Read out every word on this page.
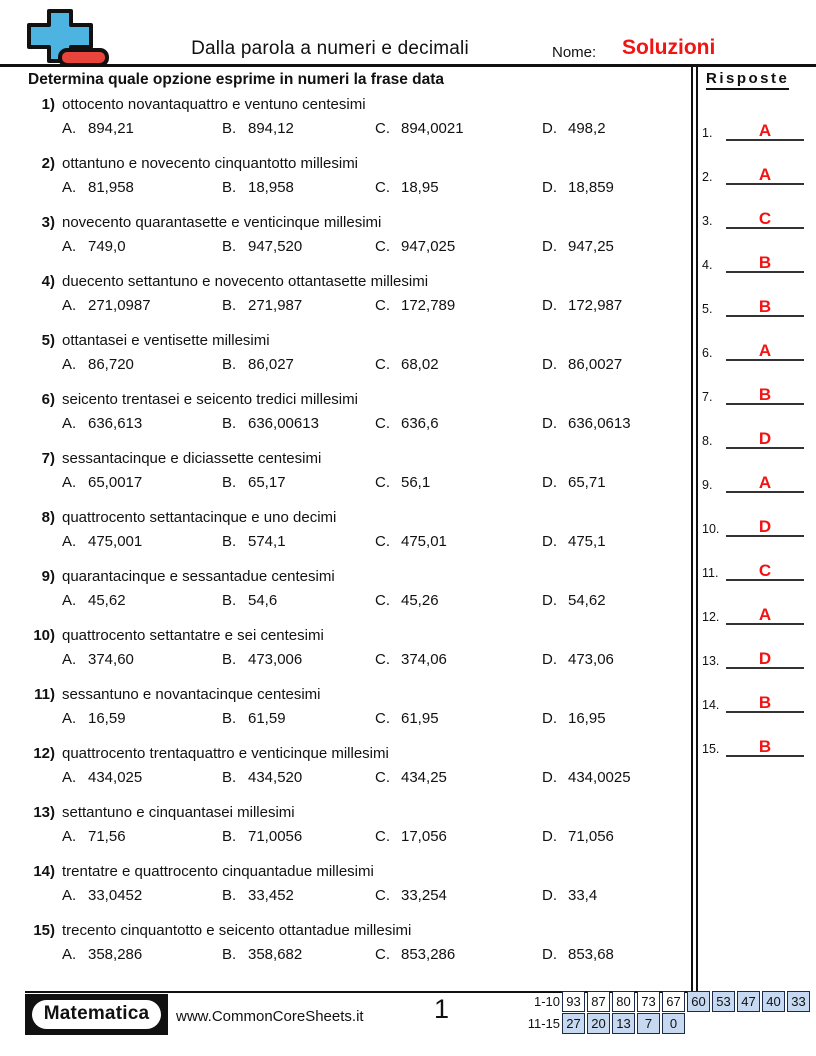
Dalla parola a numeri e decimali	Nome: Soluzioni
Determina quale opzione esprime in numeri la frase data
1) ottocento novantaquattro e ventuno centesimi
A. 894,21	B. 894,12	C. 894,0021	D. 498,2
2) ottantuno e novecento cinquantotto millesimi
A. 81,958	B. 18,958	C. 18,95	D. 18,859
3) novecento quarantasette e venticinque millesimi
A. 749,0	B. 947,520	C. 947,025	D. 947,25
4) duecento settantuno e novecento ottantasette millesimi
A. 271,0987	B. 271,987	C. 172,789	D. 172,987
5) ottantasei e ventisette millesimi
A. 86,720	B. 86,027	C. 68,02	D. 86,0027
6) seicento trentasei e seicento tredici millesimi
A. 636,613	B. 636,00613	C. 636,6	D. 636,0613
7) sessantacinque e diciassette centesimi
A. 65,0017	B. 65,17	C. 56,1	D. 65,71
8) quattrocento settantacinque e uno decimi
A. 475,001	B. 574,1	C. 475,01	D. 475,1
9) quarantacinque e sessantadue centesimi
A. 45,62	B. 54,6	C. 45,26	D. 54,62
10) quattrocento settantatre e sei centesimi
A. 374,60	B. 473,006	C. 374,06	D. 473,06
11) sessantuno e novantacinque centesimi
A. 16,59	B. 61,59	C. 61,95	D. 16,95
12) quattrocento trentaquattro e venticinque millesimi
A. 434,025	B. 434,520	C. 434,25	D. 434,0025
13) settantuno e cinquantasei millesimi
A. 71,56	B. 71,0056	C. 17,056	D. 71,056
14) trentatre e quattrocento cinquantadue millesimi
A. 33,0452	B. 33,452	C. 33,254	D. 33,4
15) trecento cinquantotto e seicento ottantadue millesimi
A. 358,286	B. 358,682	C. 853,286	D. 853,68
Risposte
1.	A
2.	A
3.	C
4.	B
5.	B
6.	A
7.	B
8.	D
9.	A
10.	D
11.	C
12.	A
13.	D
14.	B
15.	B
Matematica	www.CommonCoreSheets.it	1	1-10 93 87 80 73 67 60 53 47 40 33
11-15 27 20 13	7	0
